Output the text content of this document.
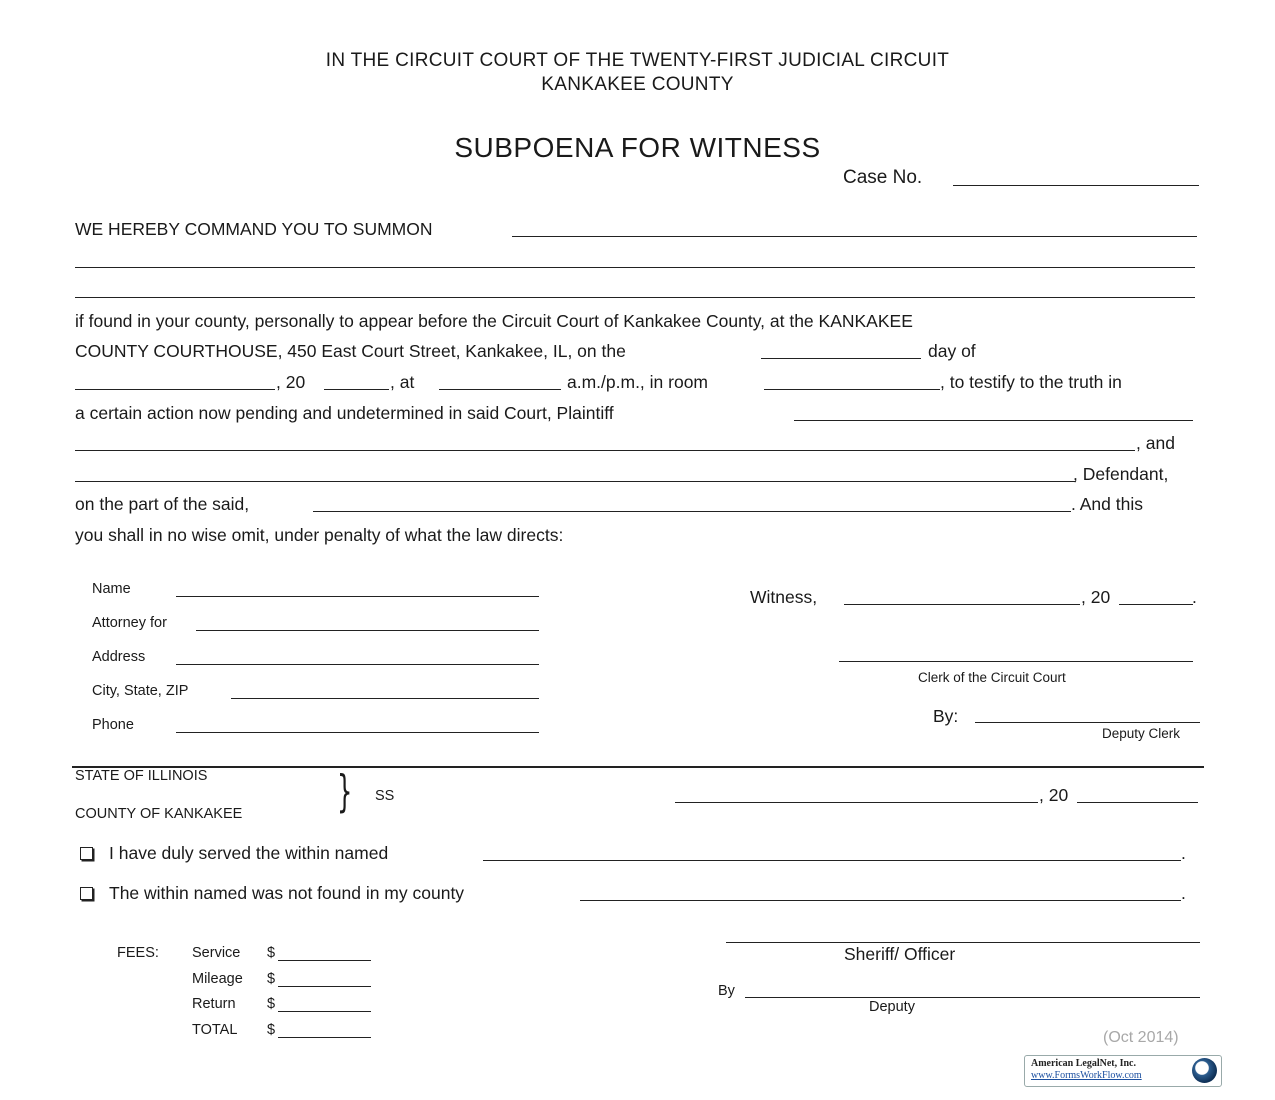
IN THE CIRCUIT COURT OF THE TWENTY-FIRST JUDICIAL CIRCUIT
KANKAKEE COUNTY
SUBPOENA FOR WITNESS
Case No.
WE HEREBY COMMAND YOU TO SUMMON
if found in your county, personally to appear before the Circuit Court of Kankakee County, at the KANKAKEE
COUNTY COURTHOUSE, 450 East Court Street, Kankakee, IL, on the	day of
, 20	, at	a.m./p.m., in room	, to testify to the truth in
a certain action now pending and undetermined in said Court, Plaintiff
, and
, Defendant,
on the part of the said,	. And this
you shall in no wise omit, under penalty of what the law directs:
Name
Attorney for
Address
City, State, ZIP
Phone
Witness,	, 20	.
Clerk of the Circuit Court
By:
Deputy Clerk
STATE OF ILLINOIS
COUNTY OF KANKAKEE } SS	, 20
I have duly served the within named	.
The within named was not found in my county	.
FEES: Service $
Mileage $
Return $
TOTAL $
Sheriff/ Officer
By
Deputy
(Oct 2014)
American LegalNet, Inc.
www.FormsWorkFlow.com
